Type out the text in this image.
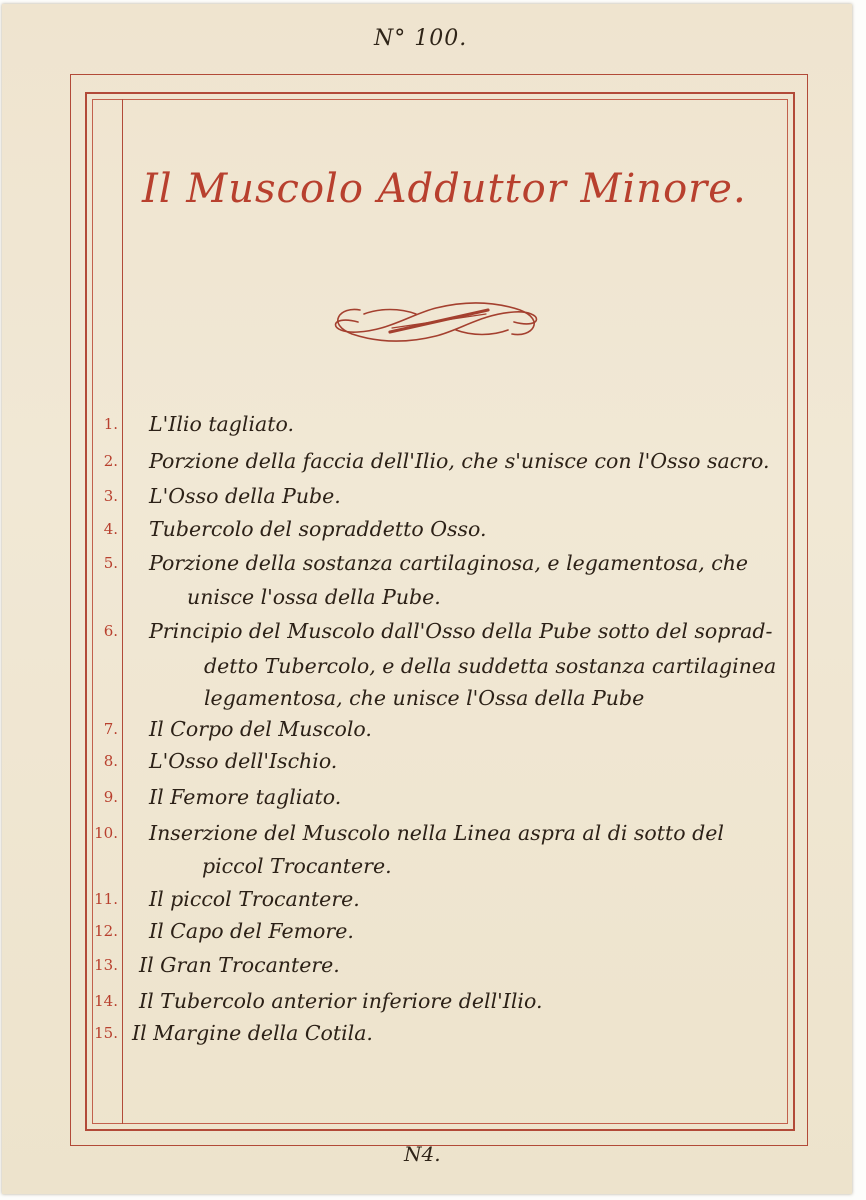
N° 100.
Il Muscolo Adduttor Minore.
1. L'Ilio tagliato.
2. Porzione della faccia dell'Ilio, che s'unisce con l'Osso sacro.
3. L'Osso della Pube.
4. Tubercolo del sopraddetto Osso.
5. Porzione della sostanza cartilaginosa, e legamentosa, che
unisce l'ossa della Pube.
6. Principio del Muscolo dall'Osso della Pube sotto del soprad-
detto Tubercolo, e della suddetta sostanza cartilaginea
legamentosa, che unisce l'Ossa della Pube
7. Il Corpo del Muscolo.
8. L'Osso dell'Ischio.
9. Il Femore tagliato.
10. Inserzione del Muscolo nella Linea aspra al di sotto del
piccol Trocantere.
11. Il piccol Trocantere.
12. Il Capo del Femore.
13. Il Gran Trocantere.
14. Il Tubercolo anterior inferiore dell'Ilio.
15. Il Margine della Cotila.
N4.
